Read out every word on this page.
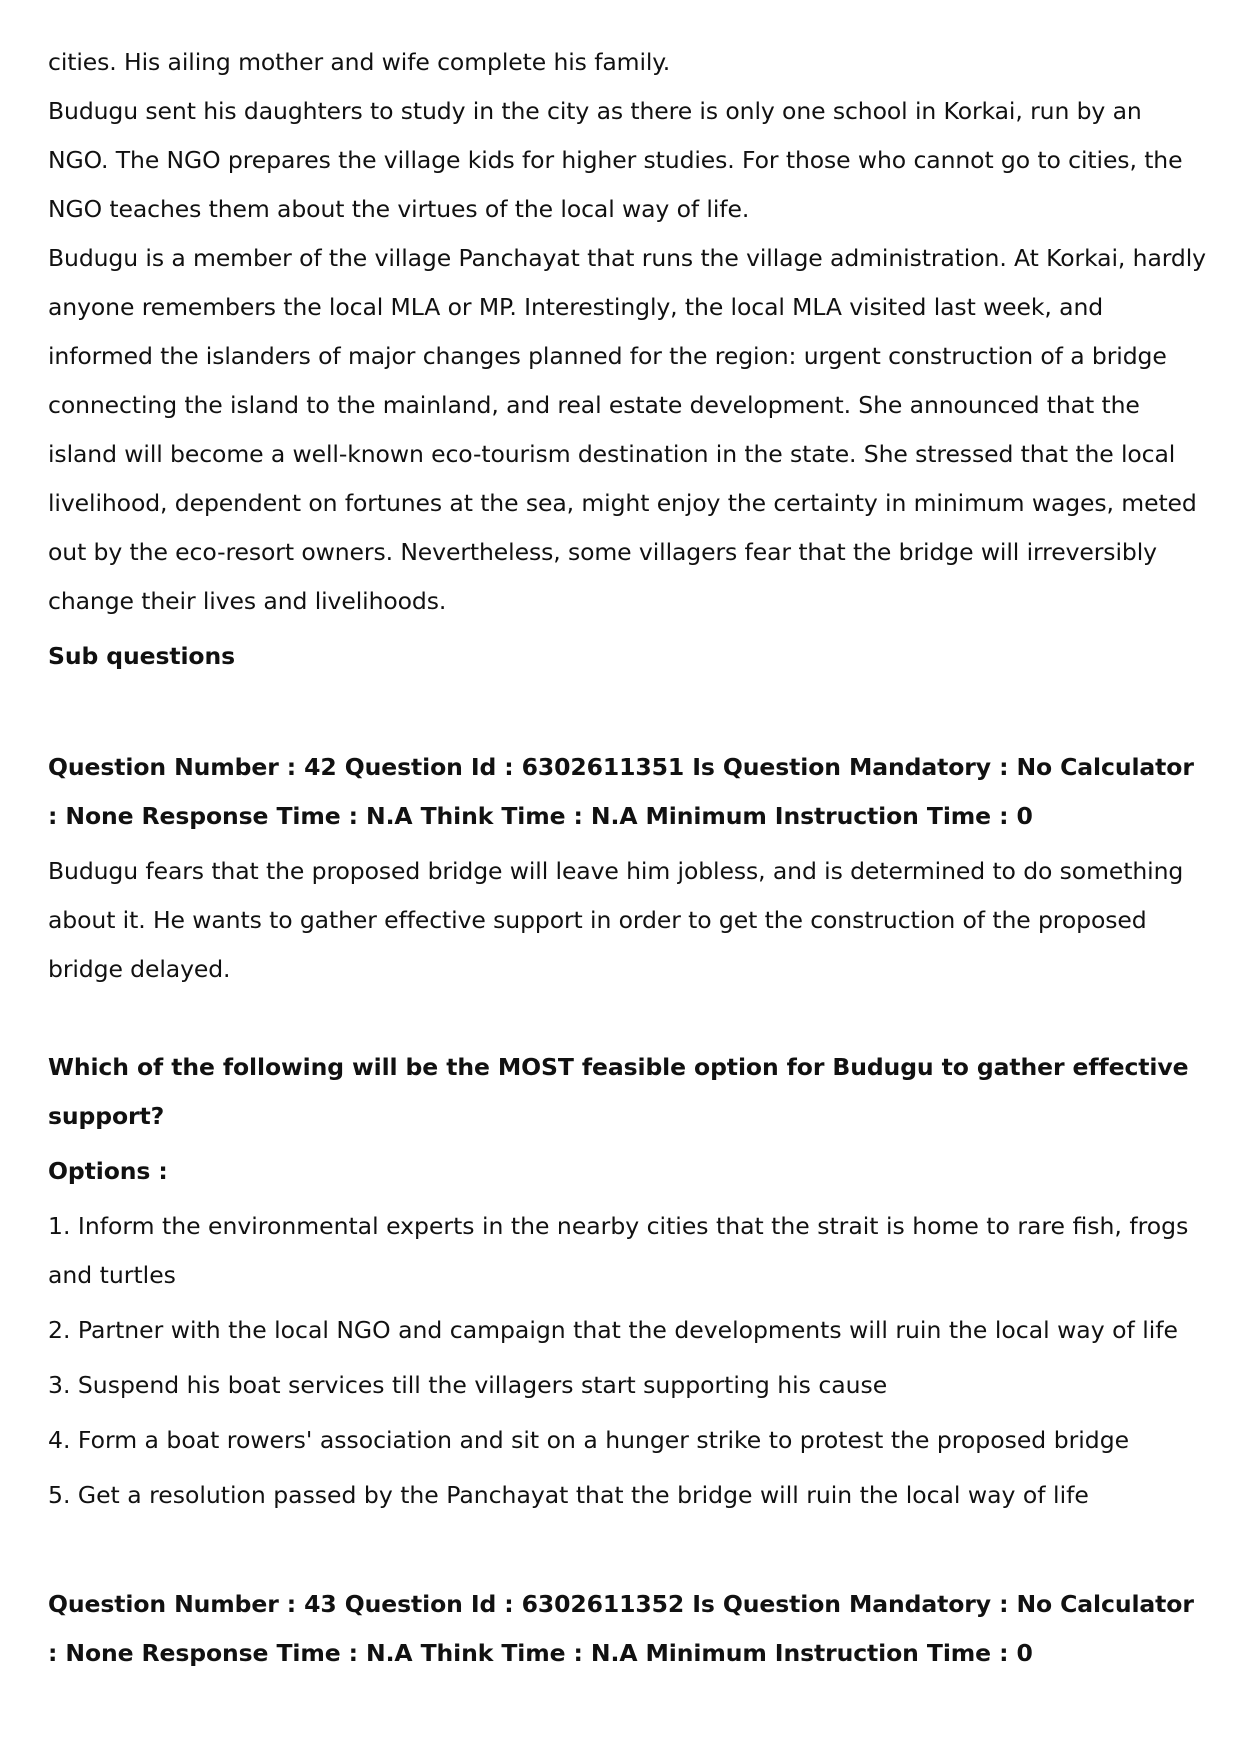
cities. His ailing mother and wife complete his family.

Budugu sent his daughters to study in the city as there is only one school in Korkai, run by an NGO. The NGO prepares the village kids for higher studies. For those who cannot go to cities, the NGO teaches them about the virtues of the local way of life.

Budugu is a member of the village Panchayat that runs the village administration. At Korkai, hardly anyone remembers the local MLA or MP. Interestingly, the local MLA visited last week, and informed the islanders of major changes planned for the region: urgent construction of a bridge connecting the island to the mainland, and real estate development. She announced that the island will become a well-known eco-tourism destination in the state. She stressed that the local livelihood, dependent on fortunes at the sea, might enjoy the certainty in minimum wages, meted out by the eco-resort owners. Nevertheless, some villagers fear that the bridge will irreversibly change their lives and livelihoods.

Sub questions

Question Number : 42 Question Id : 6302611351 Is Question Mandatory : No Calculator : None Response Time : N.A Think Time : N.A Minimum Instruction Time : 0

Budugu fears that the proposed bridge will leave him jobless, and is determined to do something about it. He wants to gather effective support in order to get the construction of the proposed bridge delayed.

Which of the following will be the MOST feasible option for Budugu to gather effective support?

Options :

1. Inform the environmental experts in the nearby cities that the strait is home to rare fish, frogs and turtles

2. Partner with the local NGO and campaign that the developments will ruin the local way of life

3. Suspend his boat services till the villagers start supporting his cause

4. Form a boat rowers' association and sit on a hunger strike to protest the proposed bridge

5. Get a resolution passed by the Panchayat that the bridge will ruin the local way of life

Question Number : 43 Question Id : 6302611352 Is Question Mandatory : No Calculator : None Response Time : N.A Think Time : N.A Minimum Instruction Time : 0
